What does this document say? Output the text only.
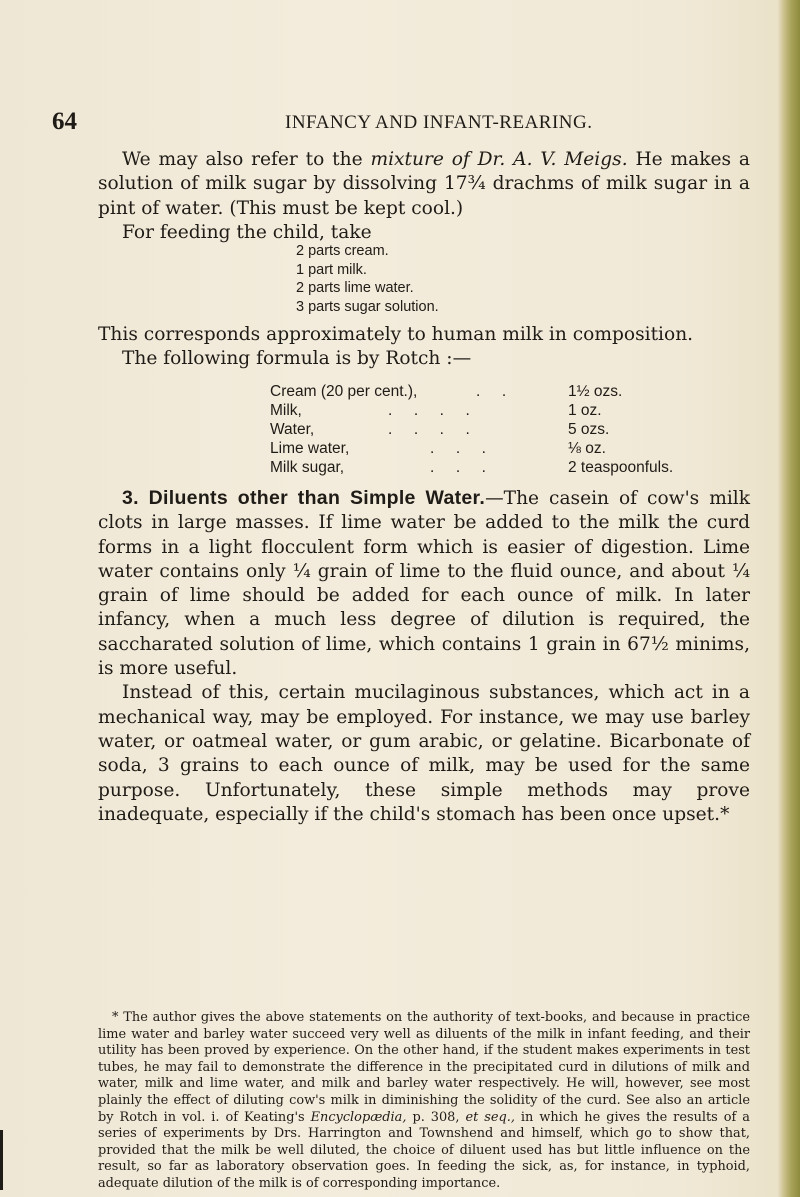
64	INFANCY AND INFANT-REARING.

We may also refer to the mixture of Dr. A. V. Meigs. He makes a solution of milk sugar by dissolving 17¾ drachms of milk sugar in a pint of water. (This must be kept cool.)

For feeding the child, take

2 parts cream.
1 part milk.
2 parts lime water.
3 parts sugar solution.

This corresponds approximately to human milk in composition.

The following formula is by Rotch :—

Cream (20 per cent.),	.     .	1½ ozs.
Milk,	.     .     .     .	1 oz.
Water,	.     .     .     .	5 ozs.
Lime water,	.     .     .	⅛ oz.
Milk sugar,	.     .     .	2 teaspoonfuls.

3. Diluents other than Simple Water.—The casein of cow's milk clots in large masses. If lime water be added to the milk the curd forms in a light flocculent form which is easier of digestion. Lime water contains only ¼ grain of lime to the fluid ounce, and about ¼ grain of lime should be added for each ounce of milk. In later infancy, when a much less degree of dilution is required, the saccharated solution of lime, which contains 1 grain in 67½ minims, is more useful.

Instead of this, certain mucilaginous substances, which act in a mechanical way, may be employed. For instance, we may use barley water, or oatmeal water, or gum arabic, or gelatine. Bicarbonate of soda, 3 grains to each ounce of milk, may be used for the same purpose. Unfortunately, these simple methods may prove inadequate, especially if the child's stomach has been once upset.*

* The author gives the above statements on the authority of text-books, and because in practice lime water and barley water succeed very well as diluents of the milk in infant feeding, and their utility has been proved by experience. On the other hand, if the student makes experiments in test tubes, he may fail to demonstrate the difference in the precipitated curd in dilutions of milk and water, milk and lime water, and milk and barley water respectively. He will, however, see most plainly the effect of diluting cow's milk in diminishing the solidity of the curd. See also an article by Rotch in vol. i. of Keating's Encyclopædia, p. 308, et seq., in which he gives the results of a series of experiments by Drs. Harrington and Townshend and himself, which go to show that, provided that the milk be well diluted, the choice of diluent used has but little influence on the result, so far as laboratory observation goes. In feeding the sick, as, for instance, in typhoid, adequate dilution of the milk is of corresponding importance.
